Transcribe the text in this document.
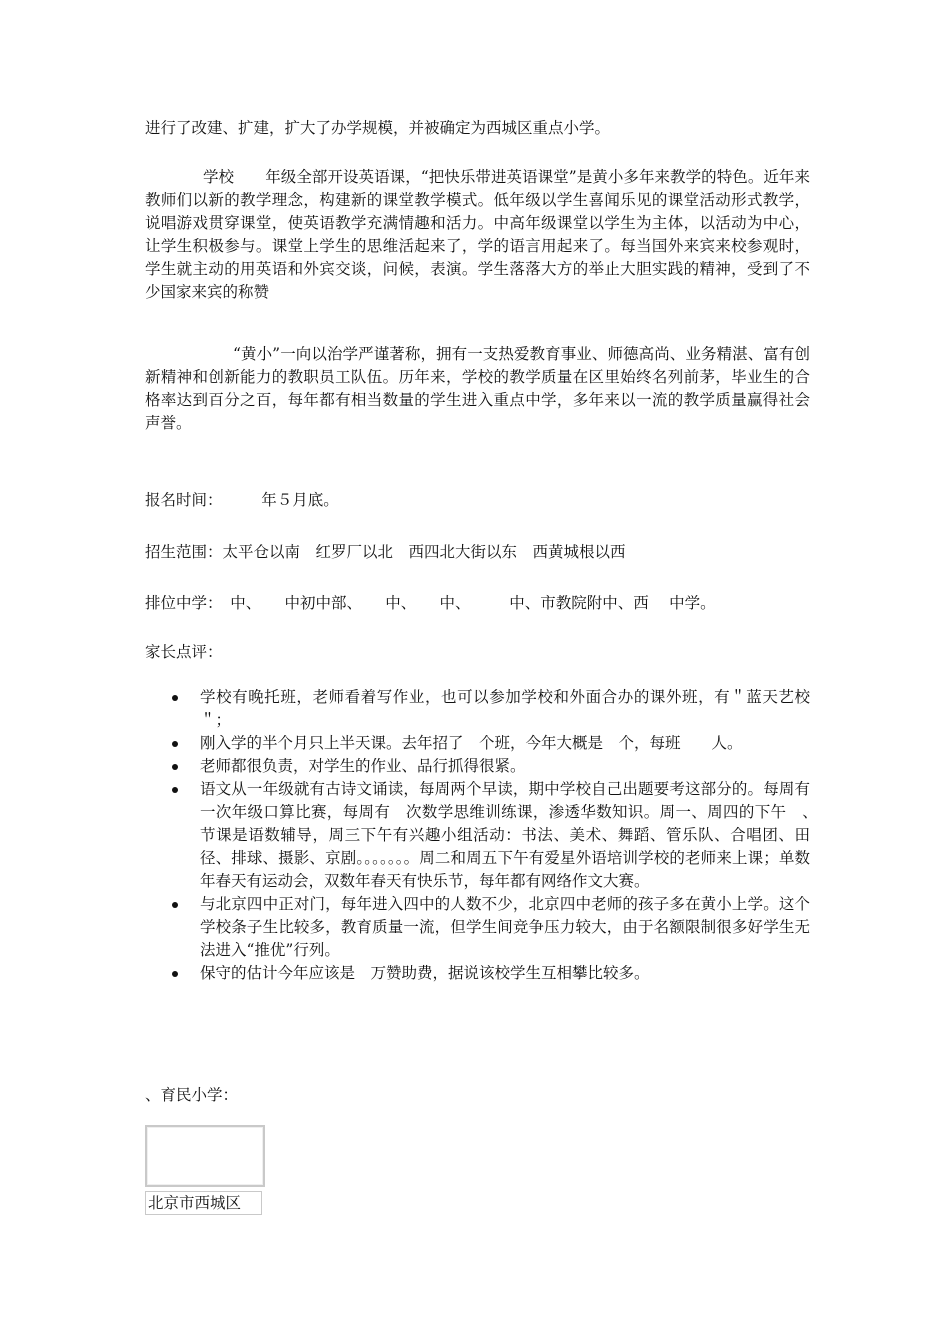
进行了改建、扩建，扩大了办学规模，并被确定为西城区重点小学。

学校　　年级全部开设英语课，“把快乐带进英语课堂”是黄小多年来教学的特色。近年来教师们以新的教学理念，构建新的课堂教学模式。低年级以学生喜闻乐见的课堂活动形式教学，说唱游戏贯穿课堂，使英语教学充满情趣和活力。中高年级课堂以学生为主体，以活动为中心，让学生积极参与。课堂上学生的思维活起来了，学的语言用起来了。每当国外来宾来校参观时，学生就主动的用英语和外宾交谈，问候，表演。学生落落大方的举止大胆实践的精神，受到了不少国家来宾的称赞

“黄小”一向以治学严谨著称，拥有一支热爱教育事业、师德高尚、业务精湛、富有创新精神和创新能力的教职员工队伍。历年来，学校的教学质量在区里始终名列前茅，毕业生的合格率达到百分之百，每年都有相当数量的学生进入重点中学，多年来以一流的教学质量赢得社会声誉。

报名时间：　　　年５月底。
招生范围：太平仓以南　红罗厂以北　西四北大街以东　西黄城根以西
排位中学：　中、　　中初中部、　　中、　　中、　　　中、市教院附中、西　 中学。
家长点评：
学校有晚托班，老师看着写作业，也可以参加学校和外面合办的课外班，有＂蓝天艺校＂；
刚入学的半个月只上半天课。去年招了　个班，今年大概是　个，每班　　人。
老师都很负责，对学生的作业、品行抓得很紧。
语文从一年级就有古诗文诵读，每周两个早读，期中学校自己出题要考这部分的。每周有一次年级口算比赛，每周有　次数学思维训练课，渗透华数知识。周一、周四的下午　、　节课是语数辅导，周三下午有兴趣小组活动：书法、美术、舞蹈、管乐队、合唱团、田径、排球、摄影、京剧。。。。。。。周二和周五下午有爱星外语培训学校的老师来上课；单数年春天有运动会，双数年春天有快乐节，每年都有网络作文大赛。
与北京四中正对门，每年进入四中的人数不少，北京四中老师的孩子多在黄小上学。这个学校条子生比较多，教育质量一流，但学生间竞争压力较大，由于名额限制很多好学生无法进入“推优”行列。
保守的估计今年应该是　万赞助费，据说该校学生互相攀比较多。
、育民小学：
北京市西城区
